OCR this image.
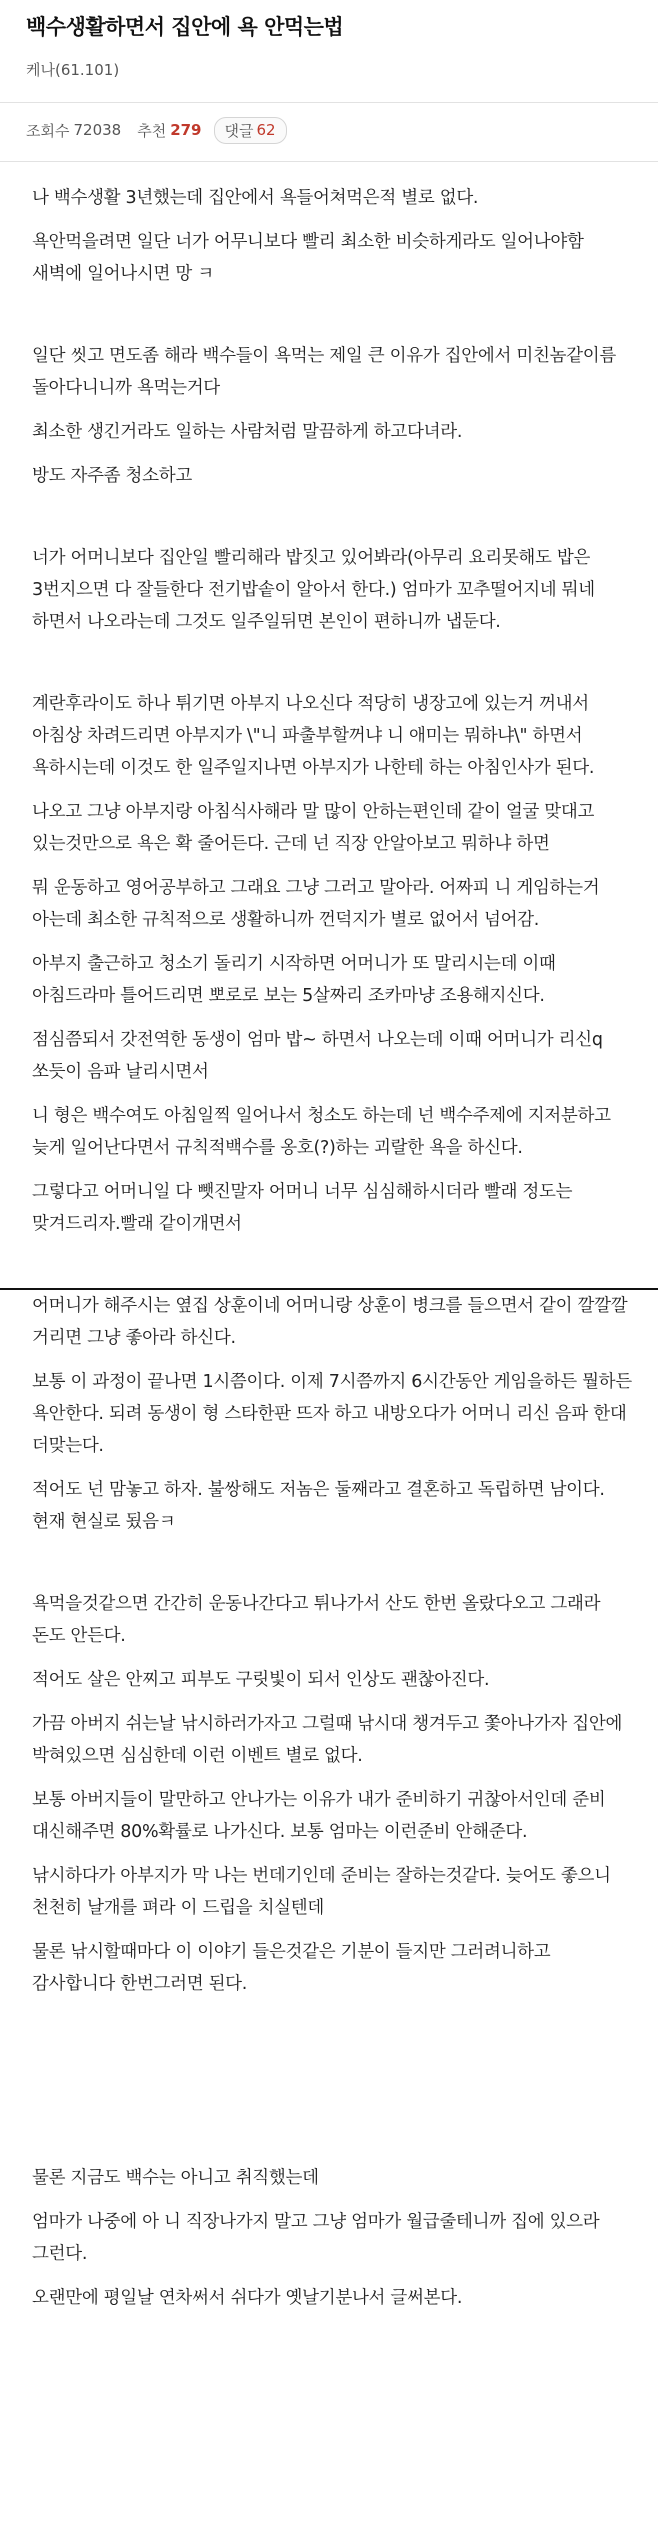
백수생활하면서 집안에 욕 안먹는법
케나(61.101)
조회수 72038 추천 279 댓글 62

나 백수생활 3년했는데 집안에서 욕들어쳐먹은적 별로 없다.

욕안먹을려면 일단 너가 어무니보다 빨리 최소한 비슷하게라도 일어나야함 새벽에 일어나시면 망 ㅋ

일단 씻고 면도좀 해라 백수들이 욕먹는 제일 큰 이유가 집안에서 미친놈같이름 돌아다니니까 욕먹는거다

최소한 생긴거라도 일하는 사람처럼 말끔하게 하고다녀라.

방도 자주좀 청소하고

너가 어머니보다 집안일 빨리해라 밥짓고 있어봐라(아무리 요리못해도 밥은 3번지으면 다 잘들한다 전기밥솥이 알아서 한다.) 엄마가 꼬추떨어지네 뭐네 하면서 나오라는데 그것도 일주일뒤면 본인이 편하니까 냅둔다.

계란후라이도 하나 튀기면 아부지 나오신다 적당히 냉장고에 있는거 꺼내서 아침상 차려드리면 아부지가 \"니 파출부할꺼냐 니 애미는 뭐하냐\" 하면서 욕하시는데 이것도 한 일주일지나면 아부지가 나한테 하는 아침인사가 된다.

나오고 그냥 아부지랑 아침식사해라 말 많이 안하는편인데 같이 얼굴 맞대고 있는것만으로 욕은 확 줄어든다. 근데 넌 직장 안알아보고 뭐하냐 하면

뭐 운동하고 영어공부하고 그래요 그냥 그러고 말아라. 어짜피 니 게임하는거 아는데 최소한 규칙적으로 생활하니까 껀덕지가 별로 없어서 넘어감.

아부지 출근하고 청소기 돌리기 시작하면 어머니가 또 말리시는데 이때 아침드라마 틀어드리면 뽀로로 보는 5살짜리 조카마냥 조용해지신다.

점심쯤되서 갓전역한 동생이 엄마 밥~ 하면서 나오는데 이때 어머니가 리신q 쏘듯이 음파 날리시면서

니 형은 백수여도 아침일찍 일어나서 청소도 하는데 넌 백수주제에 지저분하고 늦게 일어난다면서 규칙적백수를 옹호(?)하는 괴랄한 욕을 하신다.

그렇다고 어머니일 다 뺏진말자 어머니 너무 심심해하시더라 빨래 정도는 맞겨드리자.빨래 같이개면서

어머니가 해주시는 옆집 상훈이네 어머니랑 상훈이 병크를 들으면서 같이 깔깔깔 거리면 그냥 좋아라 하신다.

보통 이 과정이 끝나면 1시쯤이다. 이제 7시쯤까지 6시간동안 게임을하든 뭘하든 욕안한다. 되려 동생이 형 스타한판 뜨자 하고 내방오다가 어머니 리신 음파 한대 더맞는다.

적어도 넌 맘놓고 하자. 불쌍해도 저놈은 둘째라고 결혼하고 독립하면 남이다. 현재 현실로 됬음ㅋ

욕먹을것같으면 간간히 운동나간다고 튀나가서 산도 한번 올랐다오고 그래라 돈도 안든다.

적어도 살은 안찌고 피부도 구릿빛이 되서 인상도 괜찮아진다.

가끔 아버지 쉬는날 낚시하러가자고 그럴때 낚시대 챙겨두고 쫓아나가자 집안에 박혀있으면 심심한데 이런 이벤트 별로 없다.

보통 아버지들이 말만하고 안나가는 이유가 내가 준비하기 귀찮아서인데 준비 대신해주면 80%확률로 나가신다. 보통 엄마는 이런준비 안해준다.

낚시하다가 아부지가 막 나는 번데기인데 준비는 잘하는것같다. 늦어도 좋으니 천천히 날개를 펴라 이 드립을 치실텐데

물론 낚시할때마다 이 이야기 들은것같은 기분이 들지만 그러려니하고 감사합니다 한번그러면 된다.

물론 지금도 백수는 아니고 취직했는데

엄마가 나중에 아 니 직장나가지 말고 그냥 엄마가 월급줄테니까 집에 있으라 그런다.

오랜만에 평일날 연차써서 쉬다가 옛날기분나서 글써본다.
